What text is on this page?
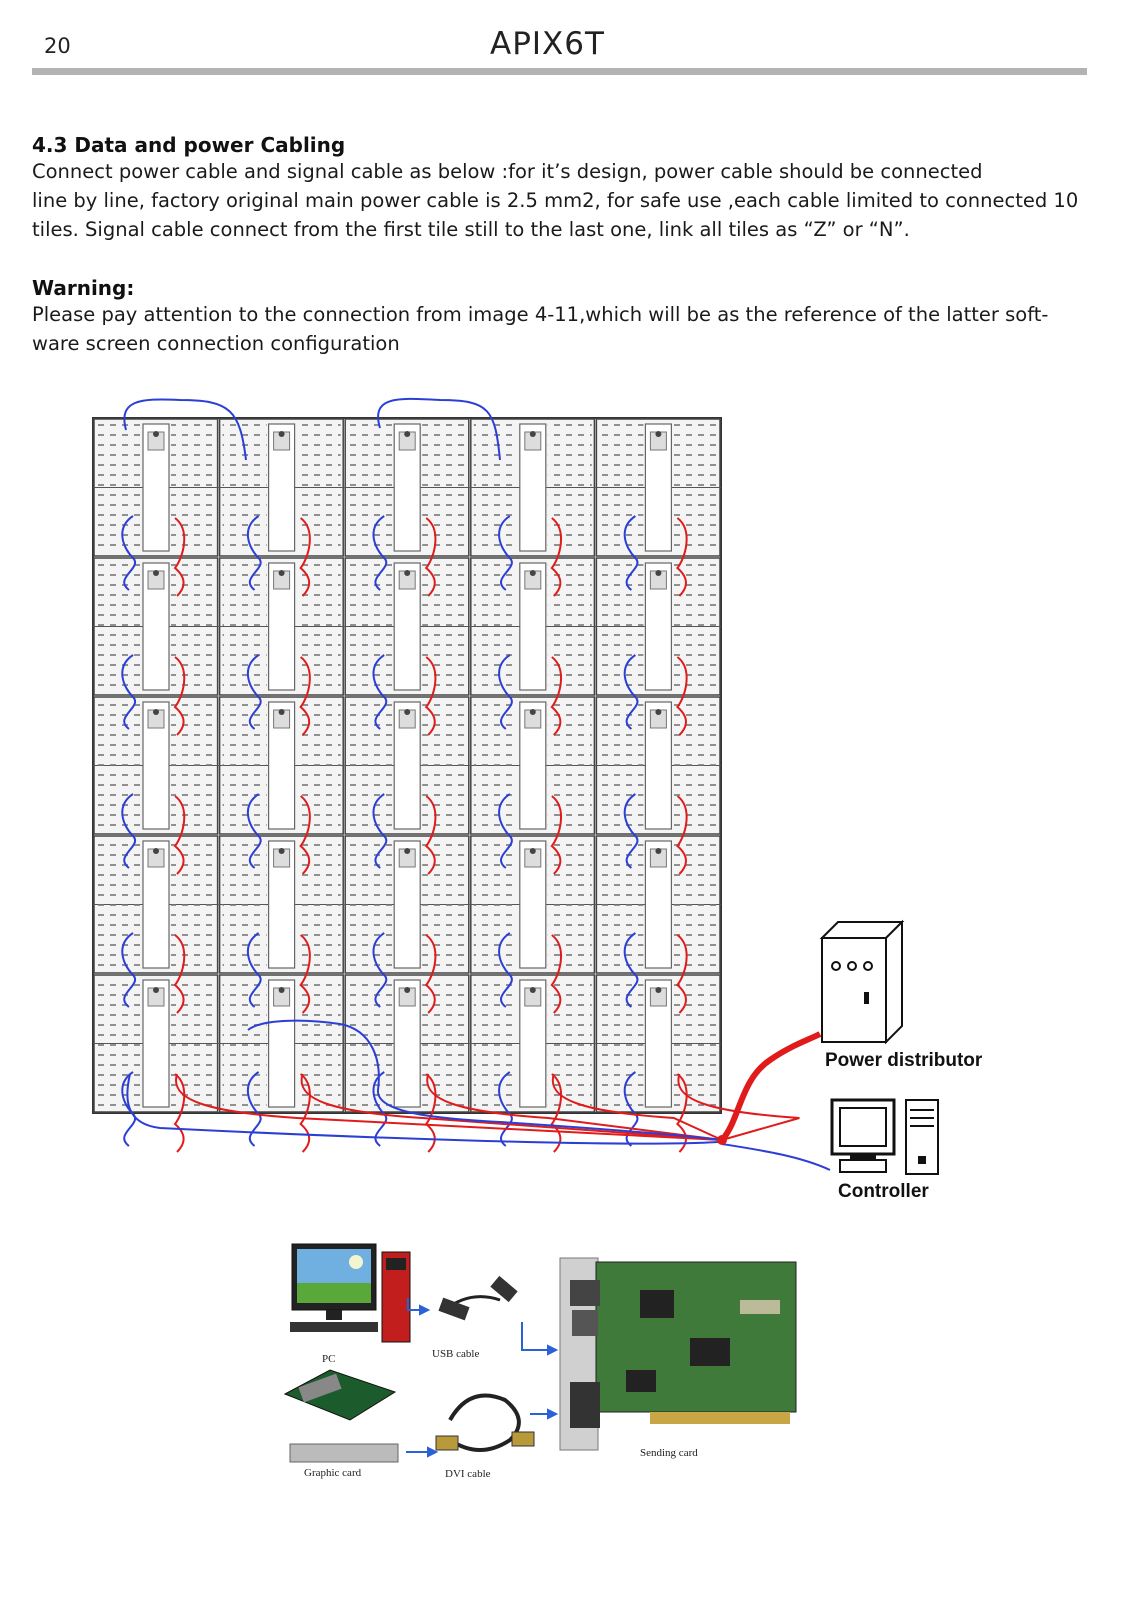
20	APIX6T
4.3 Data and power Cabling
Connect power cable and signal cable as below :for it’s design, power cable should be connected
line by line, factory original main power cable is 2.5 mm2, for safe use ,each cable limited to connected 10
tiles. Signal cable connect from the first tile still to the last one, link all tiles as “Z” or “N”.
Warning:
Please pay attention to the connection from image 4-11,which will be as the reference of the latter soft-
ware screen connection configuration
Power distributor
Controller
PC	USB cable
Graphic card	DVI cable
Sending card
